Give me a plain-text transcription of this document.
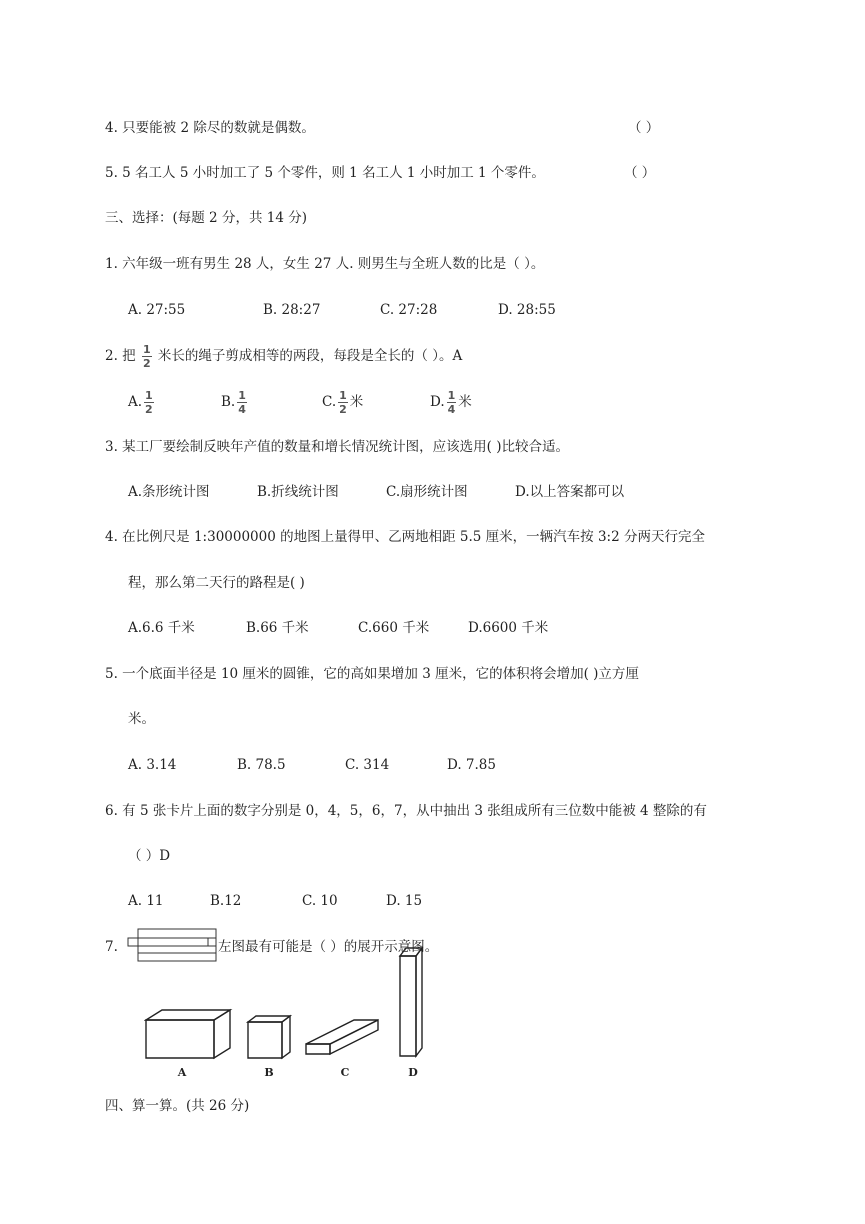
4. 只要能被 2 除尽的数就是偶数。	（ ）
5. 5 名工人 5 小时加工了 5 个零件，则 1 名工人 1 小时加工 1 个零件。	（ ）
三、选择：(每题 2 分，共 14 分)
1. 六年级一班有男生 28 人，女生 27 人. 则男生与全班人数的比是（ ）。
A. 27:55	B. 28:27	C. 27:28	D. 28:55
2. 把 $\frac{1}{2}$ 米长的绳子剪成相等的两段，每段是全长的（ ）。A
A. $\frac{1}{2}$	B. $\frac{1}{4}$	C. $\frac{1}{2}$ 米	D. $\frac{1}{4}$ 米
3. 某工厂要绘制反映年产值的数量和增长情况统计图，应该选用( )比较合适。
A.条形统计图	B.折线统计图	C.扇形统计图	D.以上答案都可以
4. 在比例尺是 1:30000000 的地图上量得甲、乙两地相距 5.5 厘米，一辆汽车按 3:2 分两天行完全
程，那么第二天行的路程是( )
A.6.6 千米	B.66 千米	C.660 千米	D.6600 千米
5. 一个底面半径是 10 厘米的圆锥，它的高如果增加 3 厘米，它的体积将会增加( )立方厘
米。
A. 3.14	B. 78.5	C. 314	D. 7.85
6. 有 5 张卡片上面的数字分别是 0，4，5，6，7，从中抽出 3 张组成所有三位数中能被 4 整除的有
（ ）D
A. 11	B.12	C. 10	D. 15
7.	左图最有可能是（ ）的展开示意图。
A	B	C	D
四、算一算。(共 26 分)
